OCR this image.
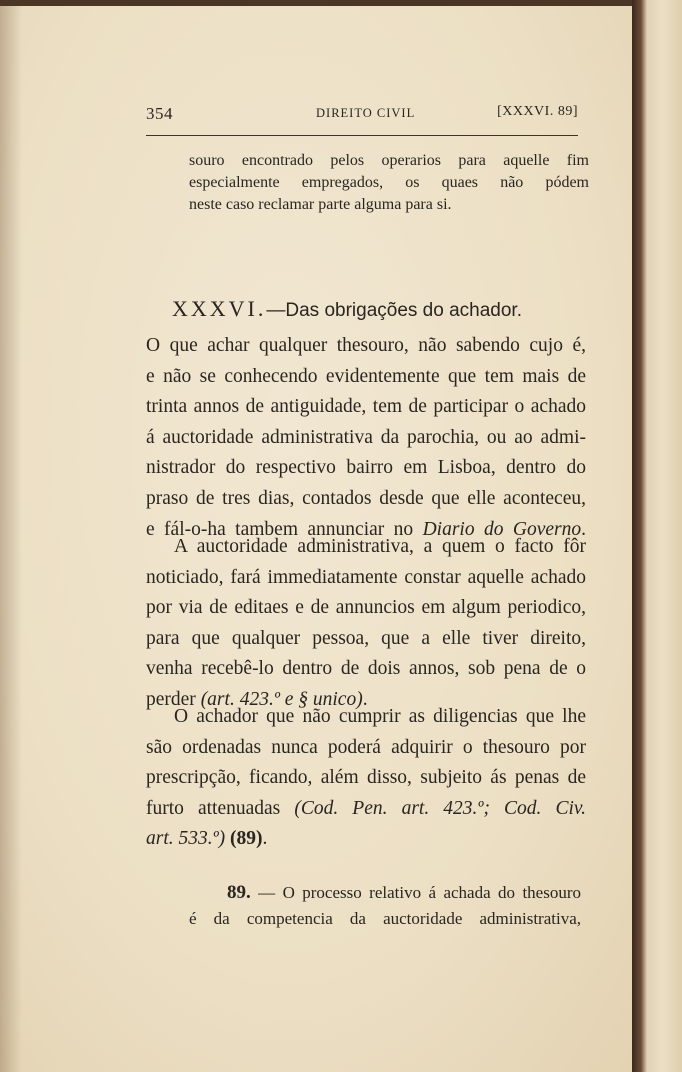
354	DIREITO CIVIL	[XXXVI. 89]
souro encontrado pelos operarios para aquelle fim
especialmente empregados, os quaes não pódem
neste caso reclamar parte alguma para si.
XXXVI.—Das obrigações do achador.
O que achar qualquer thesouro, não sabendo cujo é,
e não se conhecendo evidentemente que tem mais de
trinta annos de antiguidade, tem de participar o achado
á auctoridade administrativa da parochia, ou ao admi-
nistrador do respectivo bairro em Lisboa, dentro do
praso de tres dias, contados desde que elle aconteceu,
e fál-o-ha tambem annunciar no Diario do Governo.
A auctoridade administrativa, a quem o facto fôr
noticiado, fará immediatamente constar aquelle achado
por via de editaes e de annuncios em algum periodico,
para que qualquer pessoa, que a elle tiver direito,
venha recebê-lo dentro de dois annos, sob pena de o
perder (art. 423.º e § unico).
O achador que não cumprir as diligencias que lhe
são ordenadas nunca poderá adquirir o thesouro por
prescripção, ficando, além disso, subjeito ás penas de
furto attenuadas (Cod. Pen. art. 423.º; Cod. Civ.
art. 533.º) (89).
89. — O processo relativo á achada do thesouro
é da competencia da auctoridade administrativa,
